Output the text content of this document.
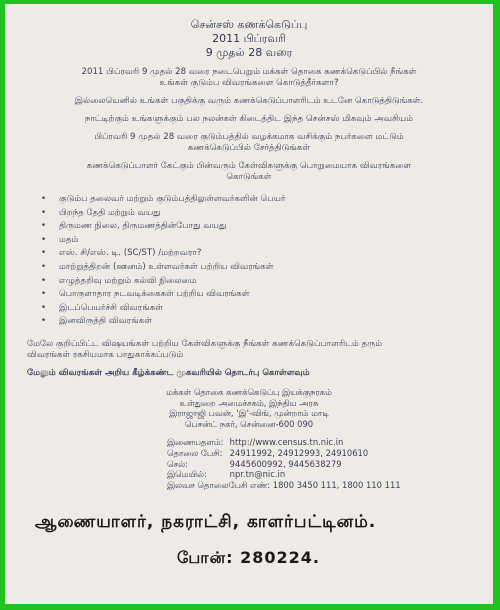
சென்சஸ் கணக்கெடுப்பு
2011 பிப்ரவரி
9 முதல் 28 வரை
2011 பிப்ரவரி 9 முதல் 28 வரை நடைபெறும் மக்கள் தொகை கணக்கெடுப்பில் நீங்கள்
உங்கள் குடும்ப விவரங்களை கொடுத்தீர்களா?
இல்லையெனில் உங்கள் பகுதிக்கு வரும் கணக்கெடுப்பாளரிடம் உடனே கொடுத்திடுங்கள்.
நாட்டிற்கும் உங்களுக்கும் பல நலன்கள் கிடைத்திட இந்த சென்சஸ் மிகவும் அவசியம்
பிப்ரவரி 9 முதல் 28 வரை குடும்பத்தில் வழக்கமாக வசிக்கும் நபர்களை மட்டும்
கணக்கெடுப்பில் சேர்த்திடுங்கள்
கணக்கெடுப்பாளர் கேட்கும் பின்வரும் கேள்விகளுக்கு பொறுமையாக விவரங்களை
கொடுங்கள்
• குடும்ப தலைவர் மற்றும் குடும்பத்திலுள்ளவர்களின் பெயர்
• பிறந்த தேதி மற்றும் வயது
• திருமண நிலை, திருமணத்தின்போது வயது
• மதம்
• எஸ். சி/எஸ். டி. (SC/ST) /மற்றவரா?
• மாற்றுத்திறன் (ஊனம்) உள்ளவர்கள் பற்றிய விவரங்கள்
• எழுத்தறிவு மற்றும் கல்வி நிலைமை
• பொருளாதார நடவடிக்கைகள் பற்றிய விவரங்கள்
• இடப்பெயர்ச்சி விவரங்கள்
• இனவிருத்தி விவரங்கள்
மேலே குறிப்பிட்ட விஷயங்கள் பற்றிய கேள்விகளுக்கு நீங்கள் கணக்கெடுப்பாளரிடம் தரும்
விவரங்கள் ரகசியமாக பாதுகாக்கப்படும்
மேலும் விவரங்கள் அறிய கீழ்க்கண்ட முகவரியில் தொடர்பு கொள்ளவும்
மக்கள் தொகை கணக்கெடுப்பு இயக்குநரகம்
உள்துறை அமைச்சகம், இந்திய அரசு
இராஜாஜி பவன், 'இ'-விங், முன்றாம் மாடி
பெசன்ட் நகர், சென்னை-600 090
இணையதளம்: http://www.census.tn.nic.in
தொலை பேசி: 24911992, 24912993, 24910610
செல்:	9445600992, 9445638279
இமெயில்:	npr.tn@nic.in
இலவச தொலைபேசி எண்: 1800 3450 111, 1800 110 111
ஆணையாளர், நகராட்சி, காளர்பட்டினம்.
போன்: 280224.
